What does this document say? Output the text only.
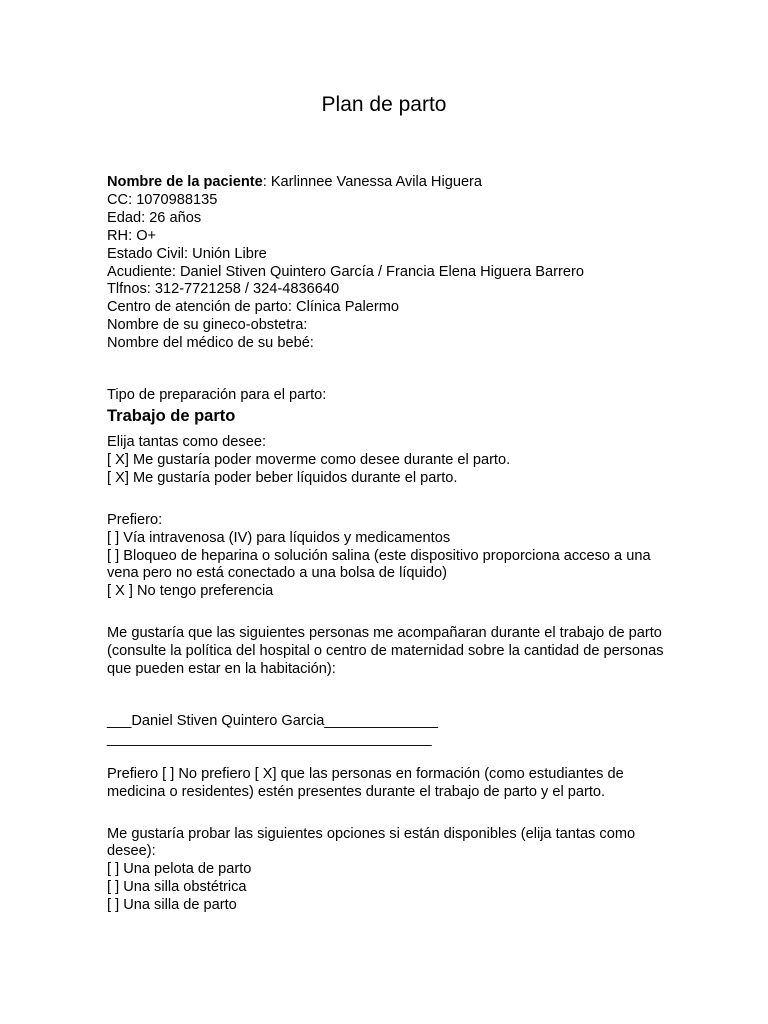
Plan de parto
Nombre de la paciente: Karlinnee Vanessa Avila Higuera
CC: 1070988135
Edad: 26 años
RH: O+
Estado Civil: Unión Libre
Acudiente: Daniel Stiven Quintero García / Francia Elena Higuera Barrero
Tlfnos: 312-7721258 / 324-4836640
Centro de atención de parto: Clínica Palermo
Nombre de su gineco-obstetra:
Nombre del médico de su bebé:
Tipo de preparación para el parto:
Trabajo de parto
Elija tantas como desee:
[ X] Me gustaría poder moverme como desee durante el parto.
[ X] Me gustaría poder beber líquidos durante el parto.
Prefiero:
[ ] Vía intravenosa (IV) para líquidos y medicamentos
[ ] Bloqueo de heparina o solución salina (este dispositivo proporciona acceso a una vena pero no está conectado a una bolsa de líquido)
[ X ] No tengo preferencia
Me gustaría que las siguientes personas me acompañaran durante el trabajo de parto (consulte la política del hospital o centro de maternidad sobre la cantidad de personas que pueden estar en la habitación):
___Daniel Stiven Quintero Garcia______________
________________________________________
Prefiero [ ] No prefiero [ X] que las personas en formación (como estudiantes de medicina o residentes) estén presentes durante el trabajo de parto y el parto.
Me gustaría probar las siguientes opciones si están disponibles (elija tantas como desee):
[ ] Una pelota de parto
[ ] Una silla obstétrica
[ ] Una silla de parto
